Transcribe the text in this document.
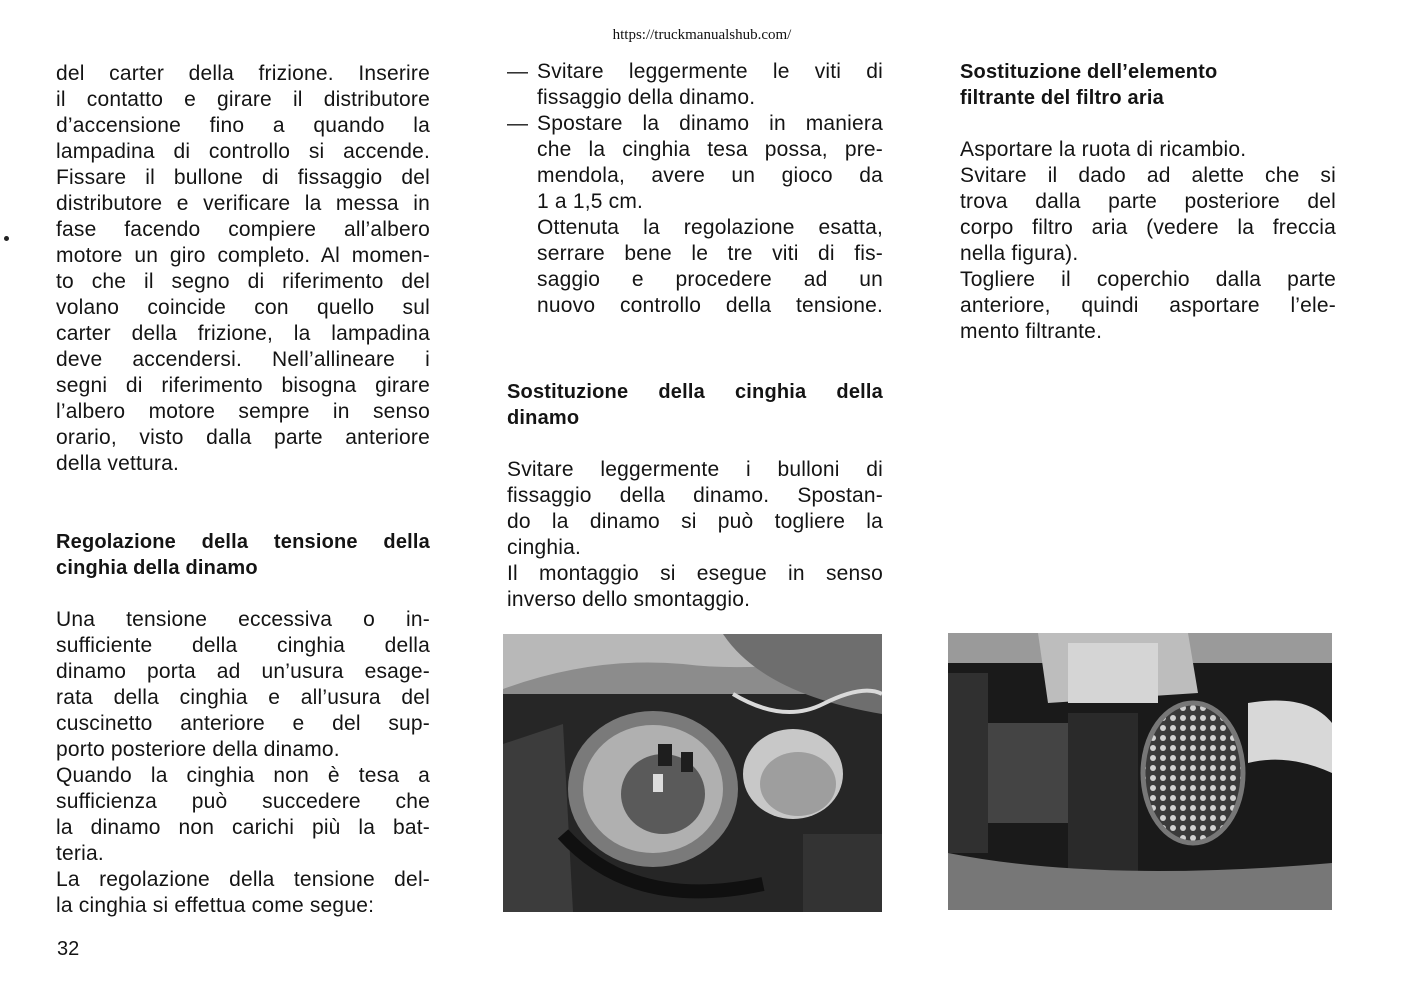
https://truckmanualshub.com/
del carter della frizione. Inserire
il contatto e girare il distributore
d’accensione fino a quando la
lampadina di controllo si accende.
Fissare il bullone di fissaggio del
distributore e verificare la messa in
fase facendo compiere all’albero
motore un giro completo. Al momen-
to che il segno di riferimento del
volano coincide con quello sul
carter della frizione, la lampadina
deve accendersi. Nell’allineare i
segni di riferimento bisogna girare
l’albero motore sempre in senso
orario, visto dalla parte anteriore
della vettura.
Regolazione della tensione della
cinghia della dinamo
Una tensione eccessiva o in-
sufficiente della cinghia della
dinamo porta ad un’usura esage-
rata della cinghia e all’usura del
cuscinetto anteriore e del sup-
porto posteriore della dinamo.
Quando la cinghia non è tesa a
sufficienza può succedere che
la dinamo non carichi più la bat-
teria.
La regolazione della tensione del-
la cinghia si effettua come segue:
— Svitare leggermente le viti di
fissaggio della dinamo.
— Spostare la dinamo in maniera
che la cinghia tesa possa, pre-
mendola, avere un gioco da
1 a 1,5 cm.
Ottenuta la regolazione esatta,
serrare bene le tre viti di fis-
saggio e procedere ad un
nuovo controllo della tensione.
Sostituzione della cinghia della
dinamo
Svitare leggermente i bulloni di
fissaggio della dinamo. Spostan-
do la dinamo si può togliere la
cinghia.
Il montaggio si esegue in senso
inverso dello smontaggio.
Sostituzione dell’elemento
filtrante del filtro aria
Asportare la ruota di ricambio.
Svitare il dado ad alette che si
trova dalla parte posteriore del
corpo filtro aria (vedere la freccia
nella figura).
Togliere il coperchio dalla parte
anteriore, quindi asportare l’ele-
mento filtrante.
32
